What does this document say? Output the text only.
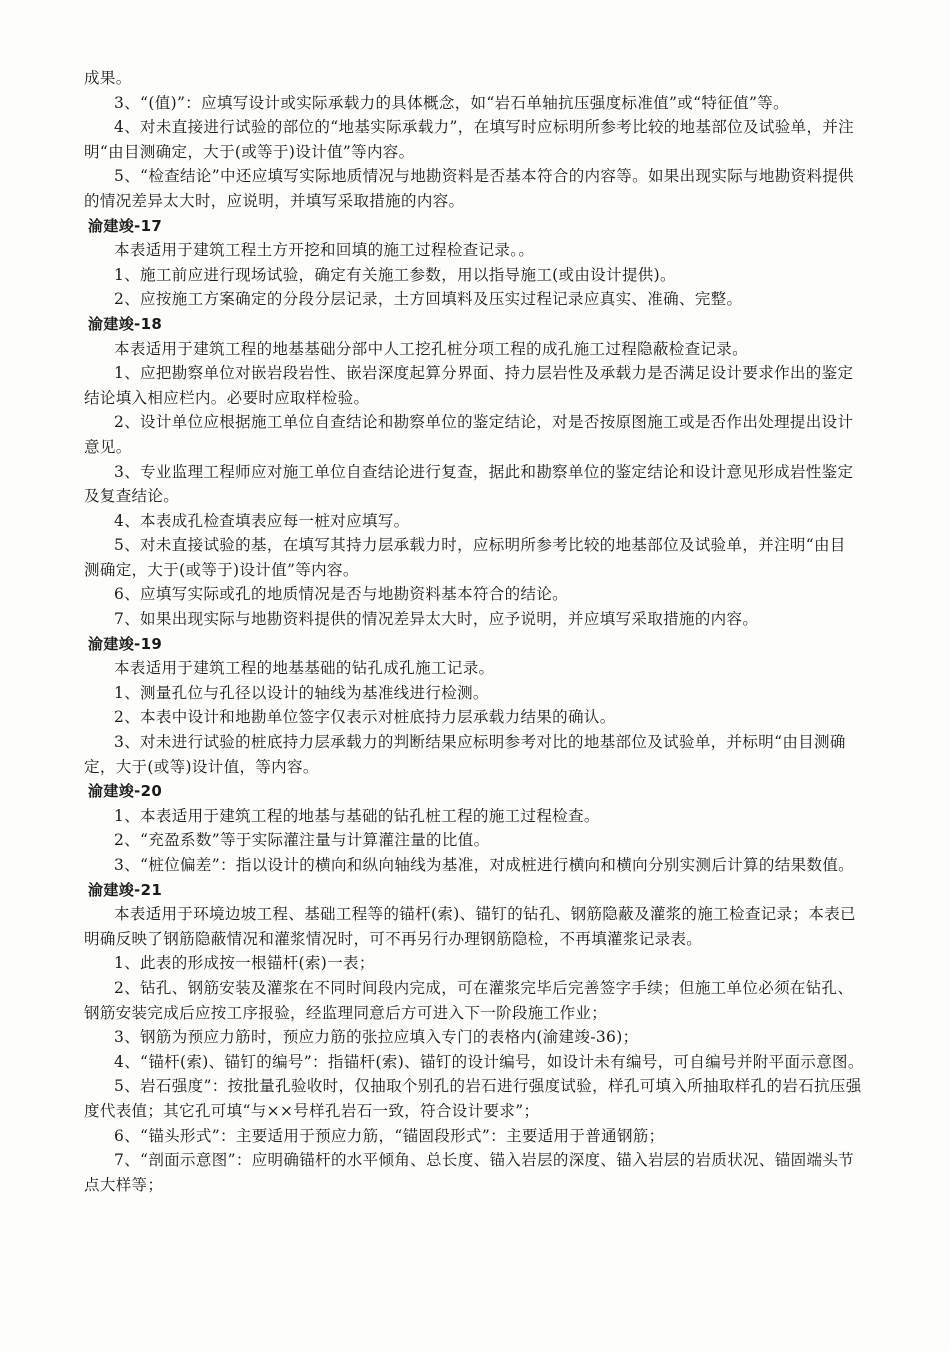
成果。
3、“(值)”：应填写设计或实际承载力的具体概念，如“岩石单轴抗压强度标准值”或“特征值”等。
4、对未直接进行试验的部位的“地基实际承载力”，在填写时应标明所参考比较的地基部位及试验单，并注
明“由目测确定，大于(或等于)设计值”等内容。
5、“检查结论”中还应填写实际地质情况与地勘资料是否基本符合的内容等。如果出现实际与地勘资料提供
的情况差异太大时，应说明，并填写采取措施的内容。
渝建竣-17
本表适用于建筑工程土方开挖和回填的施工过程检查记录。。
1、施工前应进行现场试验，确定有关施工参数，用以指导施工(或由设计提供)。
2、应按施工方案确定的分段分层记录，土方回填料及压实过程记录应真实、准确、完整。
渝建竣-18
本表适用于建筑工程的地基基础分部中人工挖孔桩分项工程的成孔施工过程隐蔽检查记录。
1、应把勘察单位对嵌岩段岩性、嵌岩深度起算分界面、持力层岩性及承载力是否满足设计要求作出的鉴定
结论填入相应栏内。必要时应取样检验。
2、设计单位应根据施工单位自查结论和勘察单位的鉴定结论，对是否按原图施工或是否作出处理提出设计
意见。
3、专业监理工程师应对施工单位自查结论进行复查，据此和勘察单位的鉴定结论和设计意见形成岩性鉴定
及复查结论。
4、本表成孔检查填表应每一桩对应填写。
5、对未直接试验的基，在填写其持力层承载力时，应标明所参考比较的地基部位及试验单，并注明“由目
测确定，大于(或等于)设计值”等内容。
6、应填写实际或孔的地质情况是否与地勘资料基本符合的结论。
7、如果出现实际与地勘资料提供的情况差异太大时，应予说明，并应填写采取措施的内容。
渝建竣-19
本表适用于建筑工程的地基基础的钻孔成孔施工记录。
1、测量孔位与孔径以设计的轴线为基准线进行检测。
2、本表中设计和地勘单位签字仅表示对桩底持力层承载力结果的确认。
3、对未进行试验的桩底持力层承载力的判断结果应标明参考对比的地基部位及试验单，并标明“由目测确
定，大于(或等)设计值，等内容。
渝建竣-20
1、本表适用于建筑工程的地基与基础的钻孔桩工程的施工过程检查。
2、“充盈系数”等于实际灌注量与计算灌注量的比值。
3、“桩位偏差”：指以设计的横向和纵向轴线为基准，对成桩进行横向和横向分别实测后计算的结果数值。
渝建竣-21
本表适用于环境边坡工程、基础工程等的锚杆(索)、锚钉的钻孔、钢筋隐蔽及灌浆的施工检查记录；本表已
明确反映了钢筋隐蔽情况和灌浆情况时，可不再另行办理钢筋隐检，不再填灌浆记录表。
1、此表的形成按一根锚杆(索)一表；
2、钻孔、钢筋安装及灌浆在不同时间段内完成，可在灌浆完毕后完善签字手续；但施工单位必须在钻孔、
钢筋安装完成后应按工序报验，经监理同意后方可进入下一阶段施工作业；
3、钢筋为预应力筋时，预应力筋的张拉应填入专门的表格内(渝建竣-36)；
4、“锚杆(索)、锚钉的编号”：指锚杆(索)、锚钉的设计编号，如设计未有编号，可自编号并附平面示意图。
5、岩石强度”：按批量孔验收时，仅抽取个别孔的岩石进行强度试验，样孔可填入所抽取样孔的岩石抗压强
度代表值；其它孔可填“与××号样孔岩石一致，符合设计要求”；
6、“锚头形式”：主要适用于预应力筋，“锚固段形式”：主要适用于普通钢筋；
7、“剖面示意图”：应明确锚杆的水平倾角、总长度、锚入岩层的深度、锚入岩层的岩质状况、锚固端头节
点大样等；
